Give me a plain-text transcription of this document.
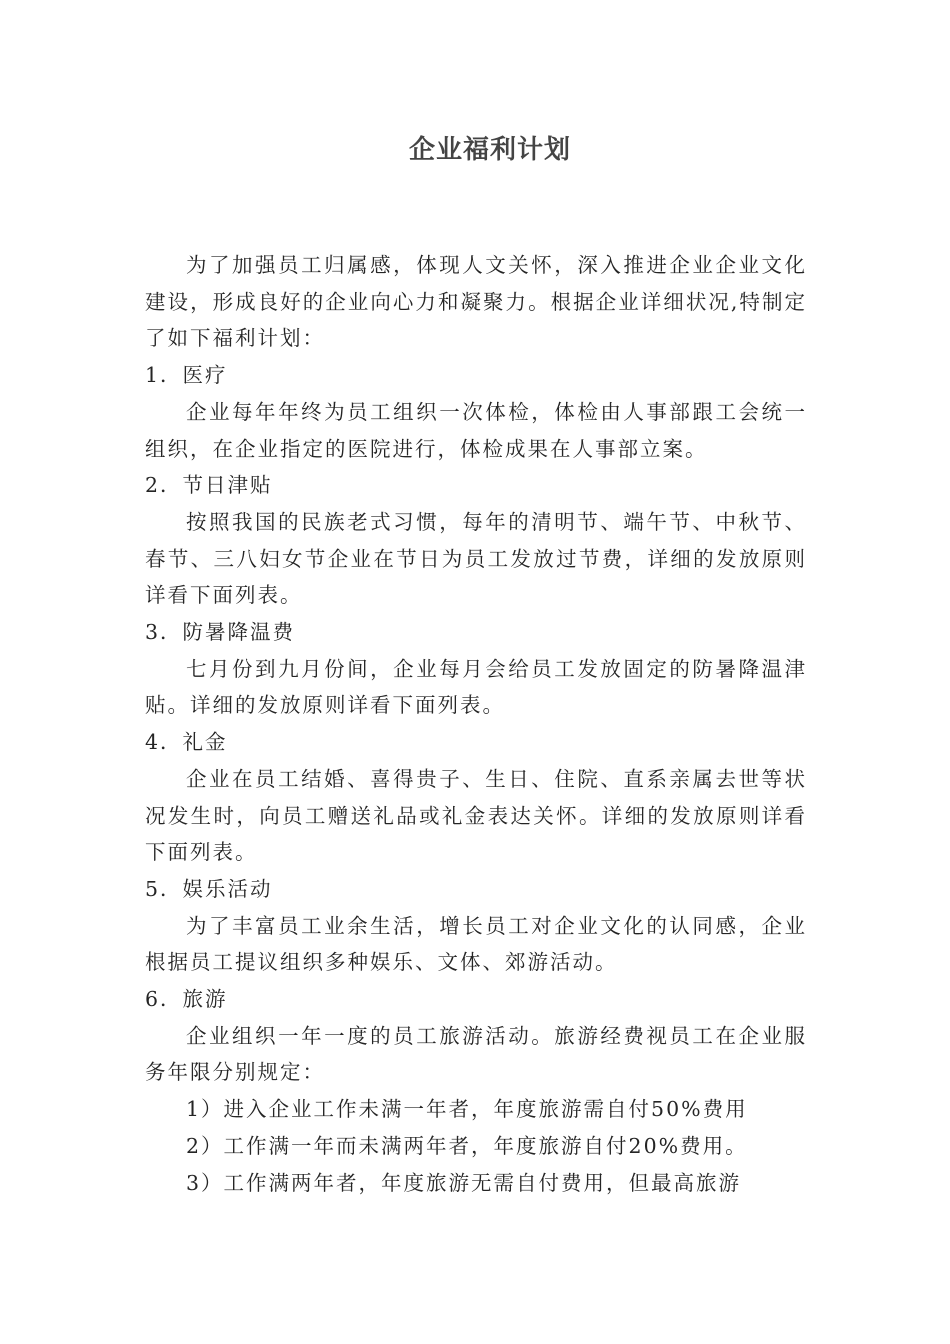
企业福利计划

为了加强员工归属感，体现人文关怀，深入推进企业企业文化建设，形成良好的企业向心力和凝聚力。根据企业详细状况,特制定了如下福利计划：

1．医疗

企业每年年终为员工组织一次体检，体检由人事部跟工会统一组织，在企业指定的医院进行，体检成果在人事部立案。

2．节日津贴

按照我国的民族老式习惯，每年的清明节、端午节、中秋节、春节、三八妇女节企业在节日为员工发放过节费，详细的发放原则详看下面列表。

3．防暑降温费

七月份到九月份间，企业每月会给员工发放固定的防暑降温津贴。详细的发放原则详看下面列表。

4．礼金

企业在员工结婚、喜得贵子、生日、住院、直系亲属去世等状况发生时，向员工赠送礼品或礼金表达关怀。详细的发放原则详看下面列表。

5．娱乐活动

为了丰富员工业余生活，增长员工对企业文化的认同感，企业根据员工提议组织多种娱乐、文体、郊游活动。

6．旅游

企业组织一年一度的员工旅游活动。旅游经费视员工在企业服务年限分别规定：

1）进入企业工作未满一年者，年度旅游需自付50%费用

2）工作满一年而未满两年者，年度旅游自付20%费用。

3）工作满两年者，年度旅游无需自付费用，但最高旅游
